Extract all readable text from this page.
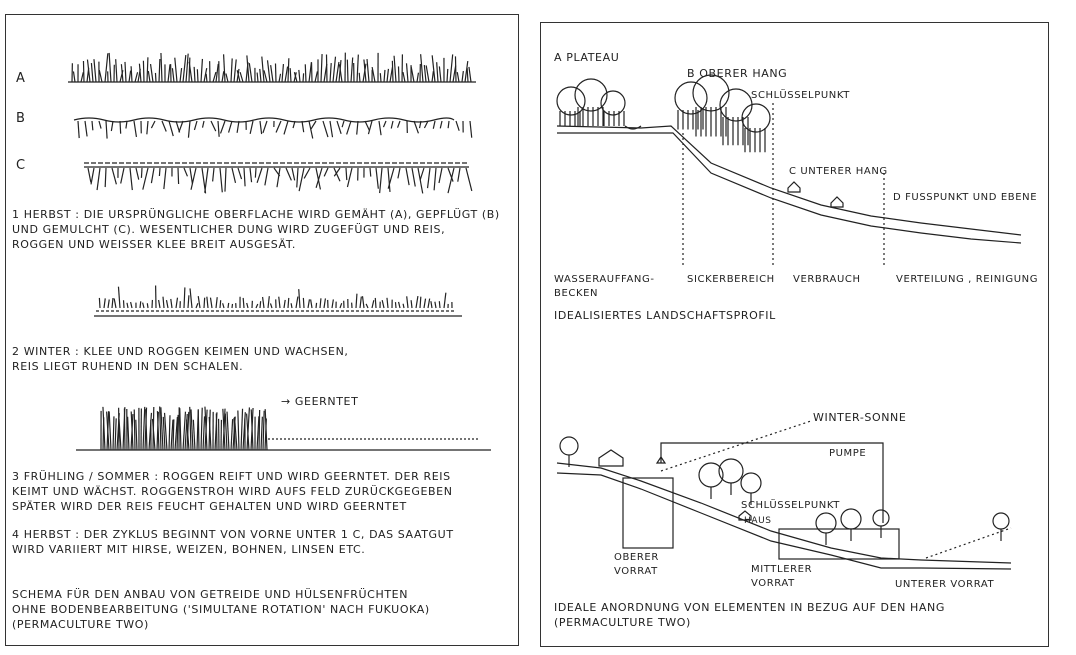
A
B
C
1 HERBST : DIE URSPRÜNGLICHE OBERFLACHE WIRD GEMÄHT (A), GEPFLÜGT (B)
UND GEMULCHT (C). WESENTLICHER DUNG WIRD ZUGEFÜGT UND REIS,
ROGGEN UND WEISSER KLEE BREIT AUSGESÄT.
2 WINTER : KLEE UND ROGGEN KEIMEN UND WACHSEN,
REIS LIEGT RUHEND IN DEN SCHALEN.
→ GEERNTET
3 FRÜHLING / SOMMER : ROGGEN REIFT UND WIRD GEERNTET. DER REIS
KEIMT UND WÄCHST. ROGGENSTROH WIRD AUFS FELD ZURÜCKGEGEBEN
SPÄTER WIRD DER REIS FEUCHT GEHALTEN UND WIRD GEERNTET
4 HERBST : DER ZYKLUS BEGINNT VON VORNE UNTER 1 C, DAS SAATGUT
WIRD VARIIERT MIT HIRSE, WEIZEN, BOHNEN, LINSEN ETC.
SCHEMA FÜR DEN ANBAU VON GETREIDE UND HÜLSENFRÜCHTEN
OHNE BODENBEARBEITUNG ('SIMULTANE ROTATION' NACH FUKUOKA)
(PERMACULTURE TWO)
A PLATEAU
B OBERER HANG
SCHLÜSSELPUNKT
C UNTERER HANG
D FUSSPUNKT UND EBENE
WASSERAUFFANG-
BECKEN
SICKERBEREICH VERBRAUCH	VERTEILUNG , REINIGUNG
IDEALISIERTES LANDSCHAFTSPROFIL
WINTER-SONNE
PUMPE
SCHLÜSSELPUNKT
HAUS
OBERER
VORRAT	MITTLERER
VORRAT	UNTERER VORRAT
IDEALE ANORDNUNG VON ELEMENTEN IN BEZUG AUF DEN HANG
(PERMACULTURE TWO)
